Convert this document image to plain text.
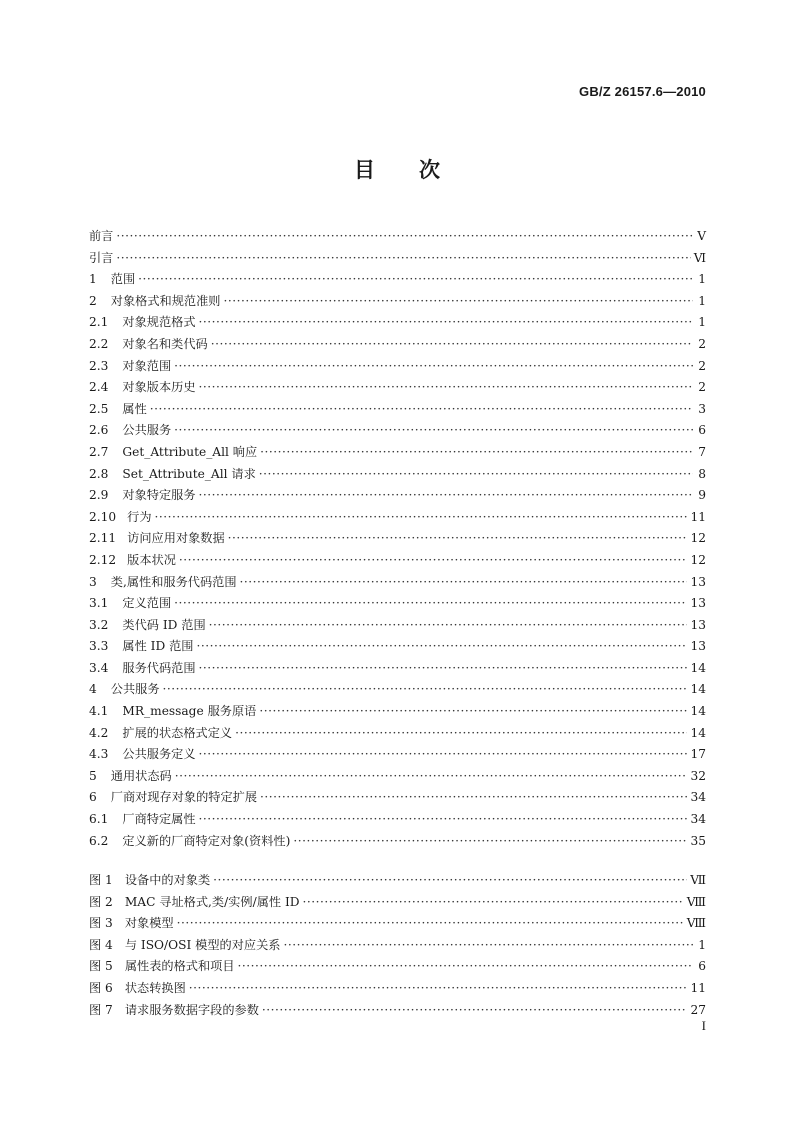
GB/Z 26157.6—2010
目 次
前言 ·····	Ⅴ
引言 ·····	Ⅵ
1 范围 ·····	1
2 对象格式和规范准则 ·····	1
2.1 对象规范格式 ·····	1
2.2 对象名和类代码 ·····	2
2.3 对象范围 ·····	2
2.4 对象版本历史 ·····	2
2.5 属性 ·····	3
2.6 公共服务 ·····	6
2.7 Get_Attribute_All 响应 ·····	7
2.8 Set_Attribute_All 请求 ·····	8
2.9 对象特定服务 ·····	9
2.10 行为 ·····	11
2.11 访问应用对象数据 ·····	12
2.12 版本状况 ·····	12
3 类,属性和服务代码范围 ·····	13
3.1 定义范围 ·····	13
3.2 类代码 ID 范围 ·····	13
3.3 属性 ID 范围 ·····	13
3.4 服务代码范围 ·····	14
4 公共服务 ·····	14
4.1 MR_message 服务原语 ·····	14
4.2 扩展的状态格式定义 ·····	14
4.3 公共服务定义 ·····	17
5 通用状态码 ·····	32
6 厂商对现存对象的特定扩展 ·····	34
6.1 厂商特定属性 ·····	34
6.2 定义新的厂商特定对象(资料性) ·····	35
图 1 设备中的对象类 ·····	Ⅶ
图 2 MAC 寻址格式,类/实例/属性 ID ·····	Ⅷ
图 3 对象模型 ·····	Ⅷ
图 4 与 ISO/OSI 模型的对应关系 ·····	1
图 5 属性表的格式和项目 ·····	6
图 6 状态转换图 ·····	11
图 7 请求服务数据字段的参数 ·····	27
I
